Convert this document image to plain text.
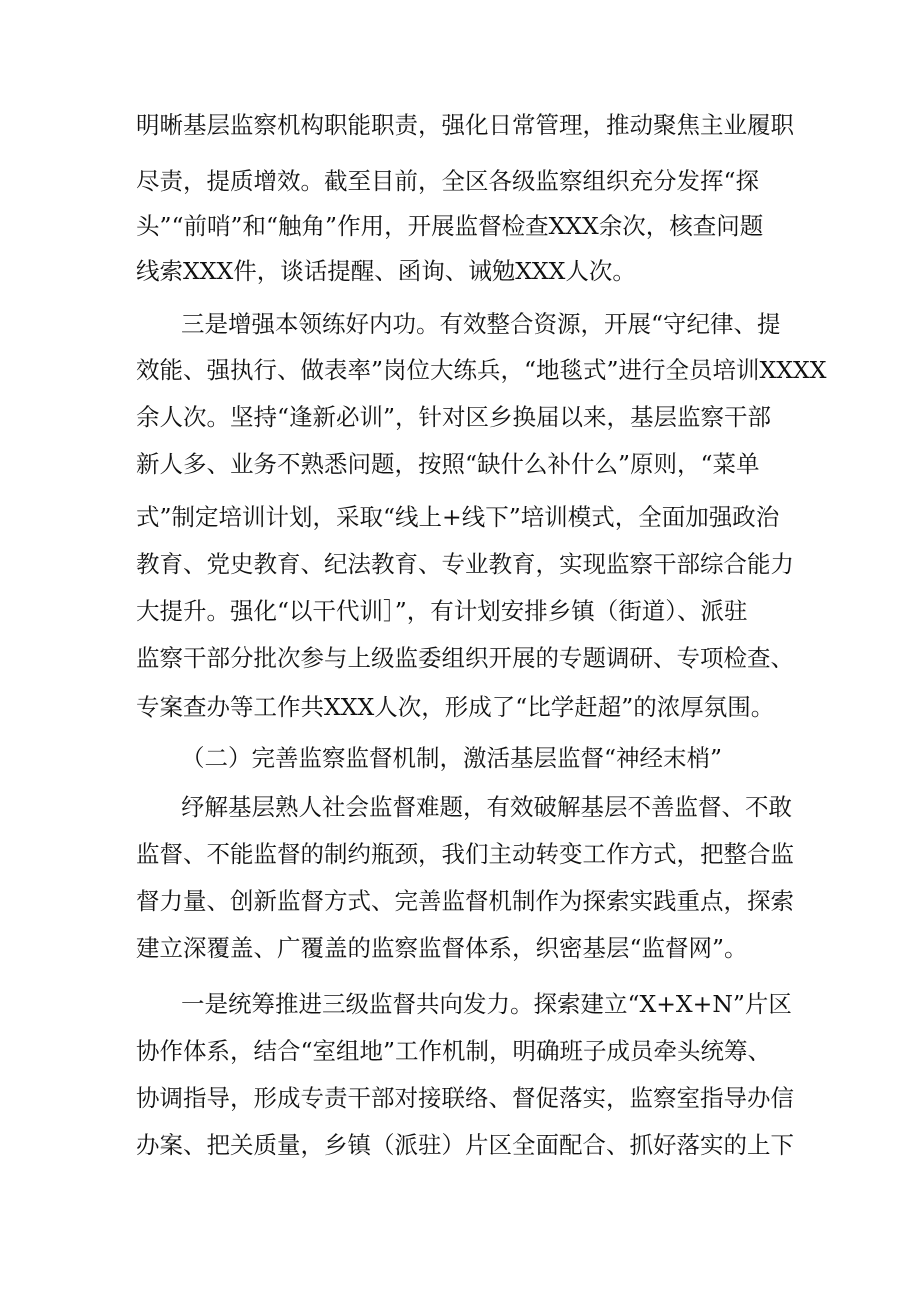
明晰基层监察机构职能职责，强化日常管理，推动聚焦主业履职
尽责，提质增效。截至目前，全区各级监察组织充分发挥“探
头”“前哨”和“触角”作用，开展监督检查XXX余次，核查问题
线索XXX件，谈话提醒、函询、诫勉XXX人次。
三是增强本领练好内功。有效整合资源，开展“守纪律、提
效能、强执行、做表率”岗位大练兵，“地毯式”进行全员培训XXXX
余人次。坚持“逢新必训”，针对区乡换届以来，基层监察干部
新人多、业务不熟悉问题，按照“缺什么补什么”原则，“菜单
式”制定培训计划，采取“线上+线下”培训模式，全面加强政治
教育、党史教育、纪法教育、专业教育，实现监察干部综合能力
大提升。强化“以干代训］”，有计划安排乡镇（街道）、派驻
监察干部分批次参与上级监委组织开展的专题调研、专项检查、
专案查办等工作共XXX人次，形成了“比学赶超”的浓厚氛围。
（二）完善监察监督机制，激活基层监督“神经末梢”
纾解基层熟人社会监督难题，有效破解基层不善监督、不敢
监督、不能监督的制约瓶颈，我们主动转变工作方式，把整合监
督力量、创新监督方式、完善监督机制作为探索实践重点，探索
建立深覆盖、广覆盖的监察监督体系，织密基层“监督网”。
一是统筹推进三级监督共向发力。探索建立“X+X+N”片区
协作体系，结合“室组地”工作机制，明确班子成员牵头统筹、
协调指导，形成专责干部对接联络、督促落实，监察室指导办信
办案、把关质量，乡镇（派驻）片区全面配合、抓好落实的上下
